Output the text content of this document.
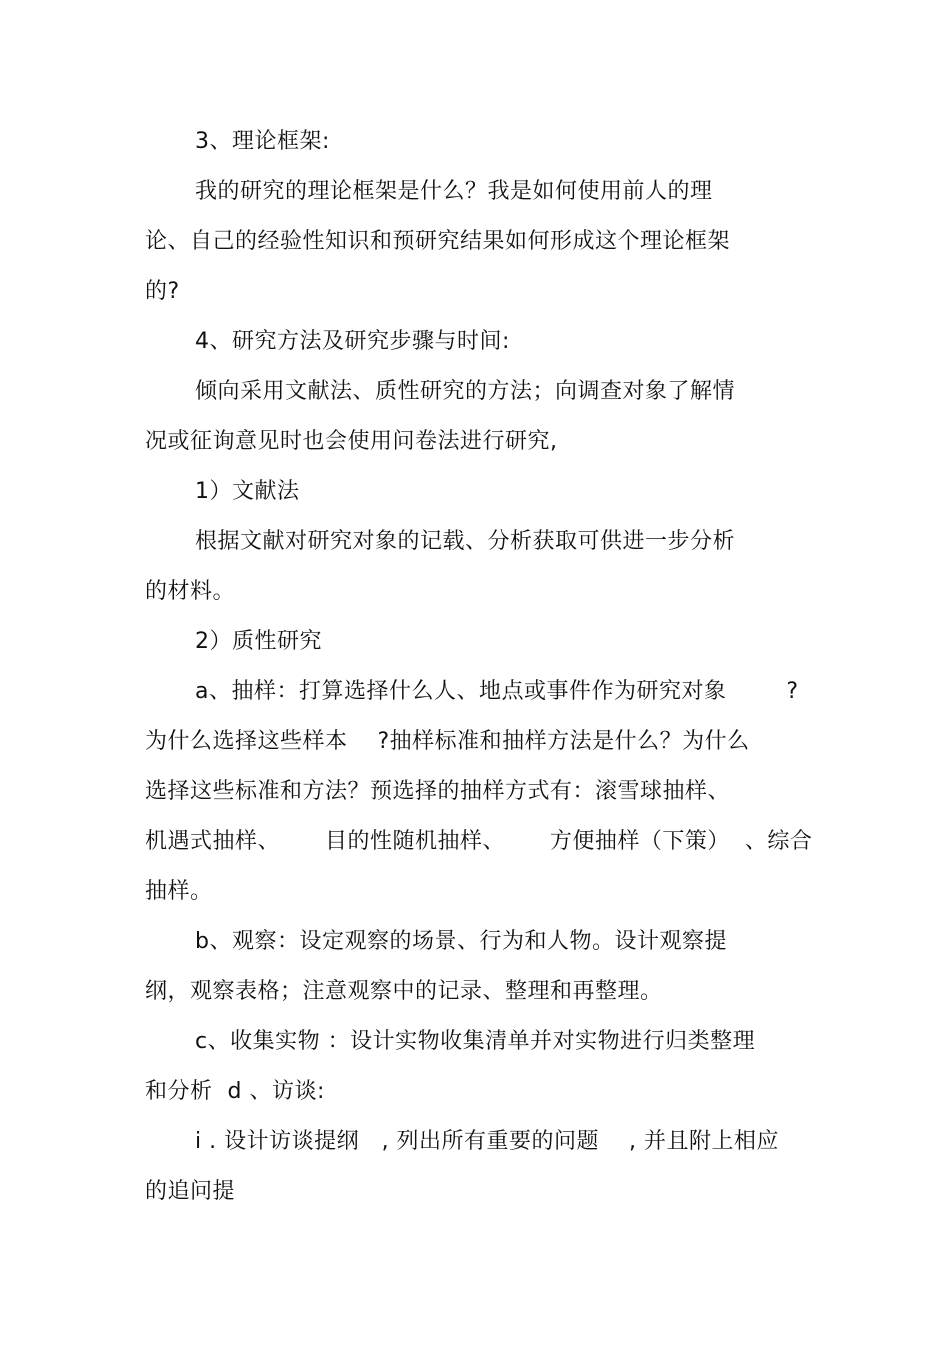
3、理论框架:
我的研究的理论框架是什么？我是如何使用前人的理
论、自己的经验性知识和预研究结果如何形成这个理论框架
的?
4、研究方法及研究步骤与时间:
倾向采用文献法、质性研究的方法；向调查对象了解情
况或征询意见时也会使用问卷法进行研究,
1）文献法
根据文献对研究对象的记载、分析获取可供进一步分析
的材料。
2）质性研究
a、抽样：打算选择什么人、地点或事件作为研究对象        ?
为什么选择这些样本    ?抽样标准和抽样方法是什么？为什么
选择这些标准和方法？预选择的抽样方式有：滚雪球抽样、
机遇式抽样、      目的性随机抽样、      方便抽样（下策）  、综合
抽样。
b、观察：设定观察的场景、行为和人物。设计观察提
纲，观察表格；注意观察中的记录、整理和再整理。
c、收集实物 ：设计实物收集清单并对实物进行归类整理
和分析  d 、访谈:
i . 设计访谈提纲   , 列出所有重要的问题    , 并且附上相应
的追问提
